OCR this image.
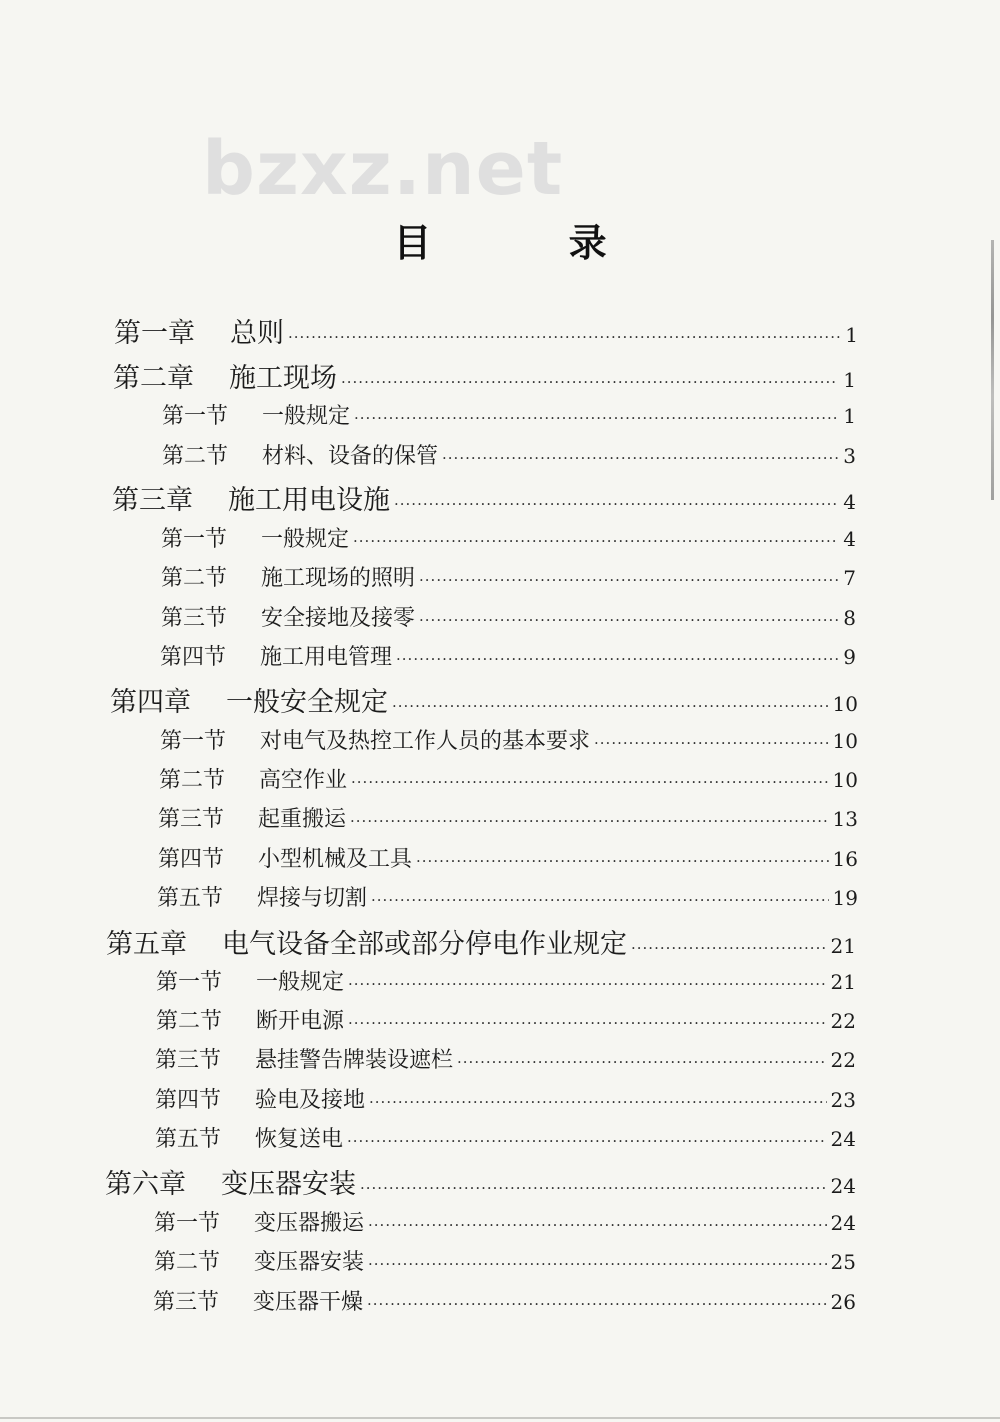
bzxz.net
目 录
第一章	总则 ·····	1
第二章	施工现场 ·····	1
第一节	一般规定 ·····	1
第二节	材料、设备的保管 ·····	3
第三章	施工用电设施 ·····	4
第一节	一般规定 ·····	4
第二节	施工现场的照明 ·····	7
第三节	安全接地及接零 ·····	8
第四节	施工用电管理 ·····	9
第四章	一般安全规定 ·····	10
第一节	对电气及热控工作人员的基本要求 ·····	10
第二节	高空作业 ·····	10
第三节	起重搬运 ·····	13
第四节	小型机械及工具 ·····	16
第五节	焊接与切割 ·····	19
第五章	电气设备全部或部分停电作业规定 ·····	21
第一节	一般规定 ·····	21
第二节	断开电源 ·····	22
第三节	悬挂警告牌装设遮栏 ·····	22
第四节	验电及接地 ·····	23
第五节	恢复送电 ·····	24
第六章	变压器安装 ·····	24
第一节	变压器搬运 ·····	24
第二节	变压器安装 ·····	25
第三节	变压器干燥 ·····	26
